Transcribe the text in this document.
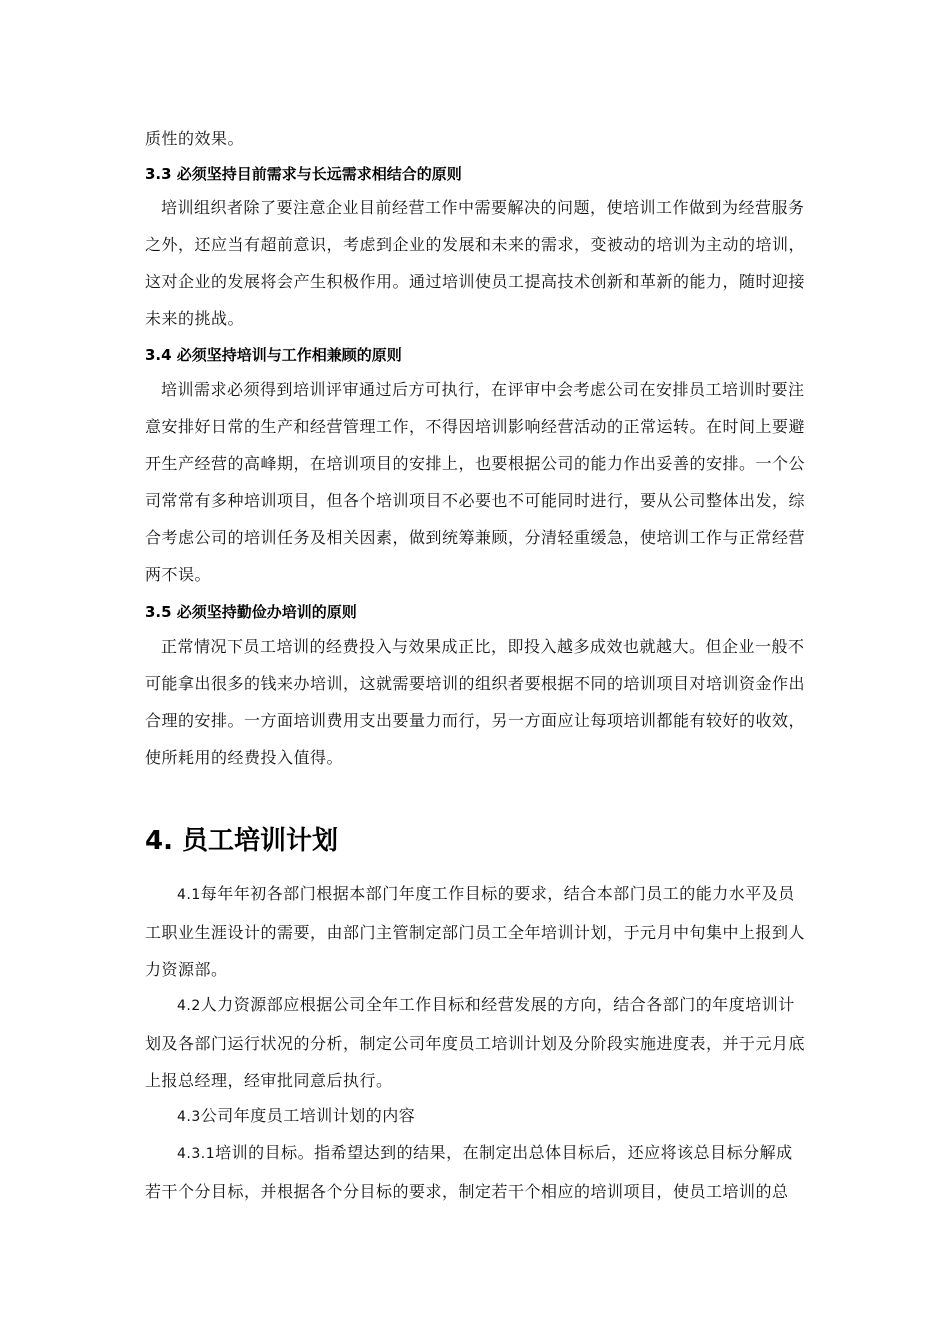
质性的效果。
3.3 必须坚持目前需求与长远需求相结合的原则
培训组织者除了要注意企业目前经营工作中需要解决的问题，使培训工作做到为经营服务之外，还应当有超前意识，考虑到企业的发展和未来的需求，变被动的培训为主动的培训，这对企业的发展将会产生积极作用。通过培训使员工提高技术创新和革新的能力，随时迎接未来的挑战。
3.4 必须坚持培训与工作相兼顾的原则
培训需求必须得到培训评审通过后方可执行，在评审中会考虑公司在安排员工培训时要注意安排好日常的生产和经营管理工作，不得因培训影响经营活动的正常运转。在时间上要避开生产经营的高峰期，在培训项目的安排上，也要根据公司的能力作出妥善的安排。一个公司常常有多种培训项目，但各个培训项目不必要也不可能同时进行，要从公司整体出发，综合考虑公司的培训任务及相关因素，做到统筹兼顾，分清轻重缓急，使培训工作与正常经营两不误。
3.5 必须坚持勤俭办培训的原则
正常情况下员工培训的经费投入与效果成正比，即投入越多成效也就越大。但企业一般不可能拿出很多的钱来办培训，这就需要培训的组织者要根据不同的培训项目对培训资金作出合理的安排。一方面培训费用支出要量力而行，另一方面应让每项培训都能有较好的收效，使所耗用的经费投入值得。
4. 员工培训计划
4.1每年年初各部门根据本部门年度工作目标的要求，结合本部门员工的能力水平及员工职业生涯设计的需要，由部门主管制定部门员工全年培训计划，于元月中旬集中上报到人力资源部。
4.2人力资源部应根据公司全年工作目标和经营发展的方向，结合各部门的年度培训计划及各部门运行状况的分析，制定公司年度员工培训计划及分阶段实施进度表，并于元月底上报总经理，经审批同意后执行。
4.3公司年度员工培训计划的内容
4.3.1培训的目标。指希望达到的结果，在制定出总体目标后，还应将该总目标分解成若干个分目标，并根据各个分目标的要求，制定若干个相应的培训项目，使员工培训的总
